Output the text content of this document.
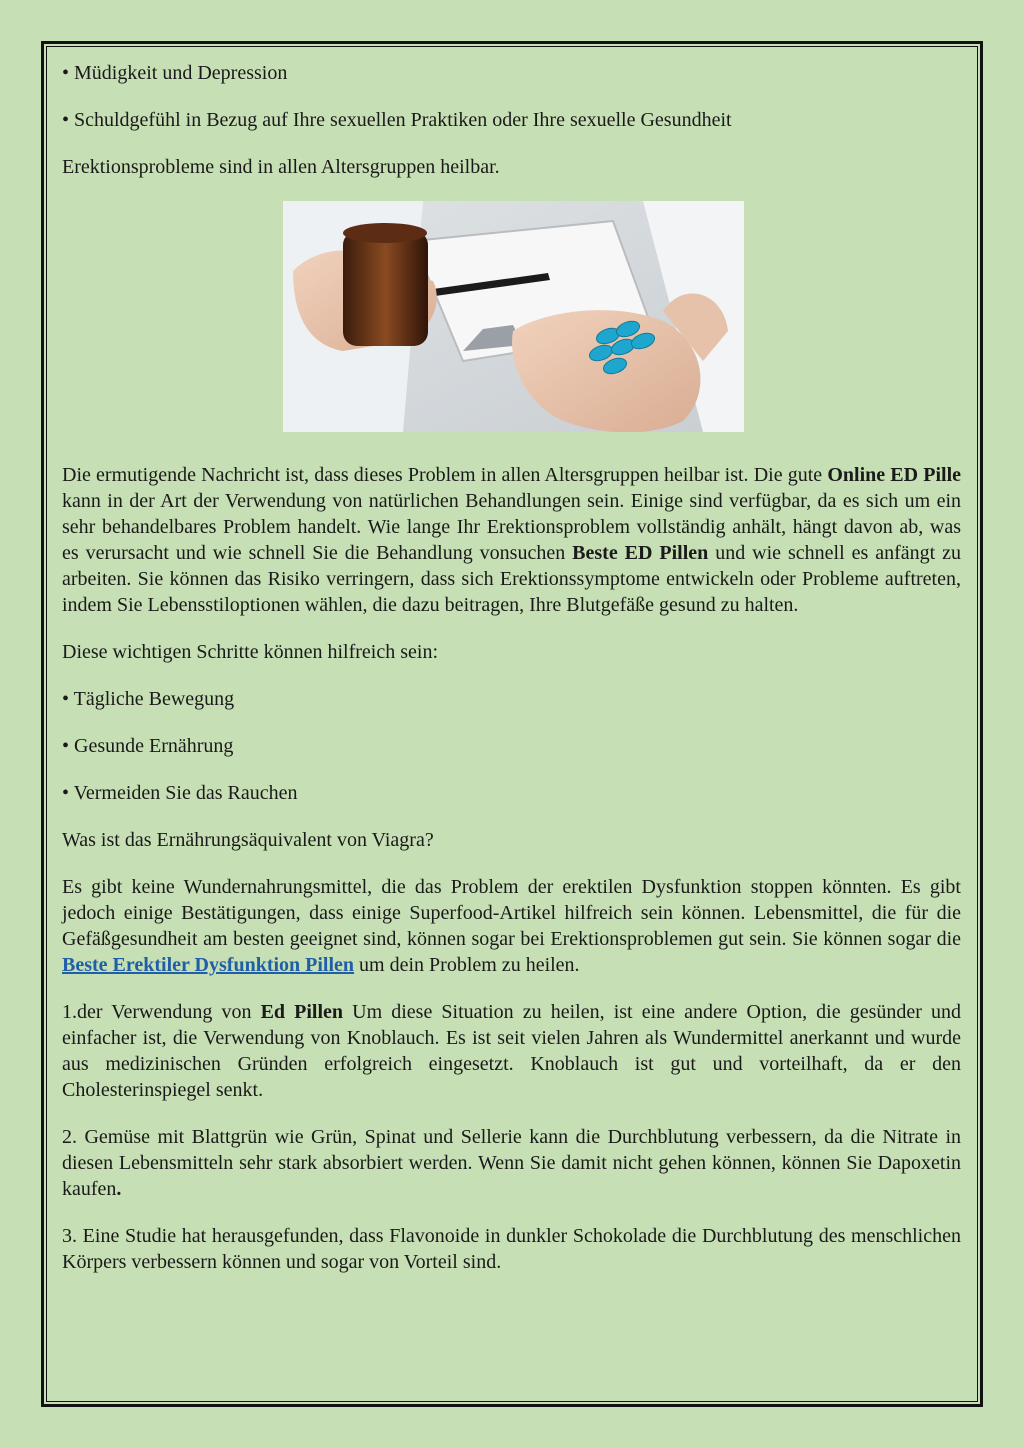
• Müdigkeit und Depression

• Schuldgefühl in Bezug auf Ihre sexuellen Praktiken oder Ihre sexuelle Gesundheit

Erektionsprobleme sind in allen Altersgruppen heilbar.

Die ermutigende Nachricht ist, dass dieses Problem in allen Altersgruppen heilbar ist. Die gute Online ED Pille kann in der Art der Verwendung von natürlichen Behandlungen sein. Einige sind verfügbar, da es sich um ein sehr behandelbares Problem handelt. Wie lange Ihr Erektionsproblem vollständig anhält, hängt davon ab, was es verursacht und wie schnell Sie die Behandlung vonsuchen Beste ED Pillen und wie schnell es anfängt zu arbeiten. Sie können das Risiko verringern, dass sich Erektionssymptome entwickeln oder Probleme auftreten, indem Sie Lebensstiloptionen wählen, die dazu beitragen, Ihre Blutgefäße gesund zu halten.

Diese wichtigen Schritte können hilfreich sein:

• Tägliche Bewegung

• Gesunde Ernährung

• Vermeiden Sie das Rauchen

Was ist das Ernährungsäquivalent von Viagra?

Es gibt keine Wundernahrungsmittel, die das Problem der erektilen Dysfunktion stoppen könnten. Es gibt jedoch einige Bestätigungen, dass einige Superfood-Artikel hilfreich sein können. Lebensmittel, die für die Gefäßgesundheit am besten geeignet sind, können sogar bei Erektionsproblemen gut sein. Sie können sogar die Beste Erektiler Dysfunktion Pillen um dein Problem zu heilen.

1.der Verwendung von Ed Pillen Um diese Situation zu heilen, ist eine andere Option, die gesünder und einfacher ist, die Verwendung von Knoblauch. Es ist seit vielen Jahren als Wundermittel anerkannt und wurde aus medizinischen Gründen erfolgreich eingesetzt. Knoblauch ist gut und vorteilhaft, da er den Cholesterinspiegel senkt.

2. Gemüse mit Blattgrün wie Grün, Spinat und Sellerie kann die Durchblutung verbessern, da die Nitrate in diesen Lebensmitteln sehr stark absorbiert werden. Wenn Sie damit nicht gehen können, können Sie Dapoxetin kaufen.

3. Eine Studie hat herausgefunden, dass Flavonoide in dunkler Schokolade die Durchblutung des menschlichen Körpers verbessern können und sogar von Vorteil sind.
